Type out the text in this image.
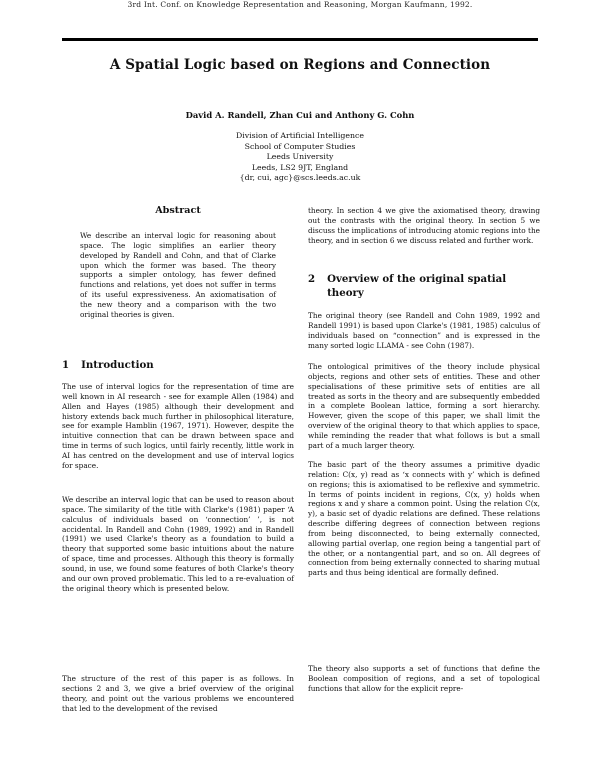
3rd Int. Conf. on Knowledge Representation and Reasoning, Morgan Kaufmann, 1992.
A Spatial Logic based on Regions and Connection
David A. Randell, Zhan Cui and Anthony G. Cohn
Division of Artificial Intelligence
School of Computer Studies
Leeds University
Leeds, LS2 9JT, England
{dr, cui, agc}@scs.leeds.ac.uk
Abstract
We describe an interval logic for reasoning about space. The logic simplifies an earlier theory developed by Randell and Cohn, and that of Clarke upon which the former was based. The theory supports a simpler ontology, has fewer defined functions and relations, yet does not suffer in terms of its useful expressiveness. An axiomatisation of the new theory and a comparison with the two original theories is given.
1 Introduction
The use of interval logics for the representation of time are well known in AI research - see for example Allen (1984) and Allen and Hayes (1985) although their development and history extends back much further in philosophical literature, see for example Hamblin (1967, 1971). However, despite the intuitive connection that can be drawn between space and time in terms of such logics, until fairly recently, little work in AI has centred on the development and use of interval logics for space.
We describe an interval logic that can be used to reason about space. The similarity of the title with Clarke's (1981) paper ‘A calculus of individuals based on ‘connection’ ’, is not accidental. In Randell and Cohn (1989, 1992) and in Randell (1991) we used Clarke's theory as a foundation to build a theory that supported some basic intuitions about the nature of space, time and processes. Although this theory is formally sound, in use, we found some features of both Clarke's theory and our own proved problematic. This led to a re-evaluation of the original theory which is presented below.
The structure of the rest of this paper is as follows. In sections 2 and 3, we give a brief overview of the original theory, and point out the various problems we encountered that led to the development of the revised
theory. In section 4 we give the axiomatised theory, drawing out the contrasts with the original theory. In section 5 we discuss the implications of introducing atomic regions into the theory, and in section 6 we discuss related and further work.
2 Overview of the original spatial
theory
The original theory (see Randell and Cohn 1989, 1992 and Randell 1991) is based upon Clarke's (1981, 1985) calculus of individuals based on “connection” and is expressed in the many sorted logic LLAMA - see Cohn (1987).
The ontological primitives of the theory include physical objects, regions and other sets of entities. These and other specialisations of these primitive sets of entities are all treated as sorts in the theory and are subsequently embedded in a complete Boolean lattice, forming a sort hierarchy. However, given the scope of this paper, we shall limit the overview of the original theory to that which applies to space, while reminding the reader that what follows is but a small part of a much larger theory.
The basic part of the theory assumes a primitive dyadic relation: C(x, y) read as ‘x connects with y’ which is defined on regions; this is axiomatised to be reflexive and symmetric. In terms of points incident in regions, C(x, y) holds when regions x and y share a common point. Using the relation C(x, y), a basic set of dyadic relations are defined. These relations describe differing degrees of connection between regions from being disconnected, to being externally connected, allowing partial overlap, one region being a tangential part of the other, or a nontangential part, and so on. All degrees of connection from being externally connected to sharing mutual parts and thus being identical are formally defined.
The theory also supports a set of functions that define the Boolean composition of regions, and a set of topological functions that allow for the explicit repre-
